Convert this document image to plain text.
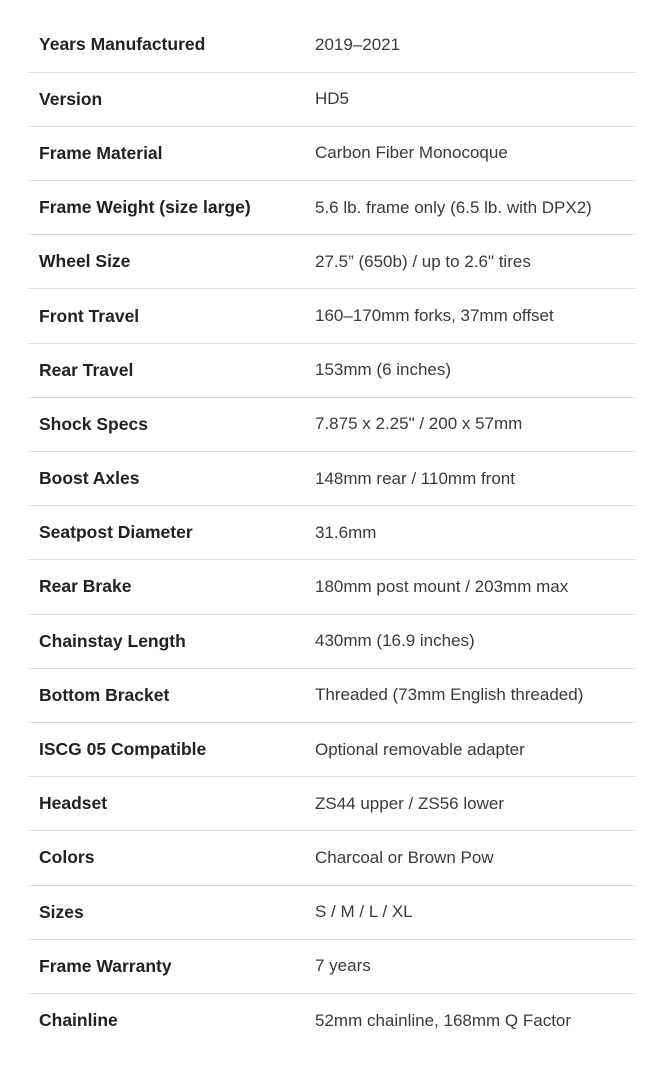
Years Manufactured	2019–2021
Version	HD5
Frame Material	Carbon Fiber Monocoque
Frame Weight (size large)	5.6 lb. frame only (6.5 lb. with DPX2)
Wheel Size	27.5” (650b) / up to 2.6" tires
Front Travel	160–170mm forks, 37mm offset
Rear Travel	153mm (6 inches)
Shock Specs	7.875 x 2.25" / 200 x 57mm
Boost Axles	148mm rear / 110mm front
Seatpost Diameter	31.6mm
Rear Brake	180mm post mount / 203mm max
Chainstay Length	430mm (16.9 inches)
Bottom Bracket	Threaded (73mm English threaded)
ISCG 05 Compatible	Optional removable adapter
Headset	ZS44 upper / ZS56 lower
Colors	Charcoal or Brown Pow
Sizes	S / M / L / XL
Frame Warranty	7 years
Chainline	52mm chainline, 168mm Q Factor
